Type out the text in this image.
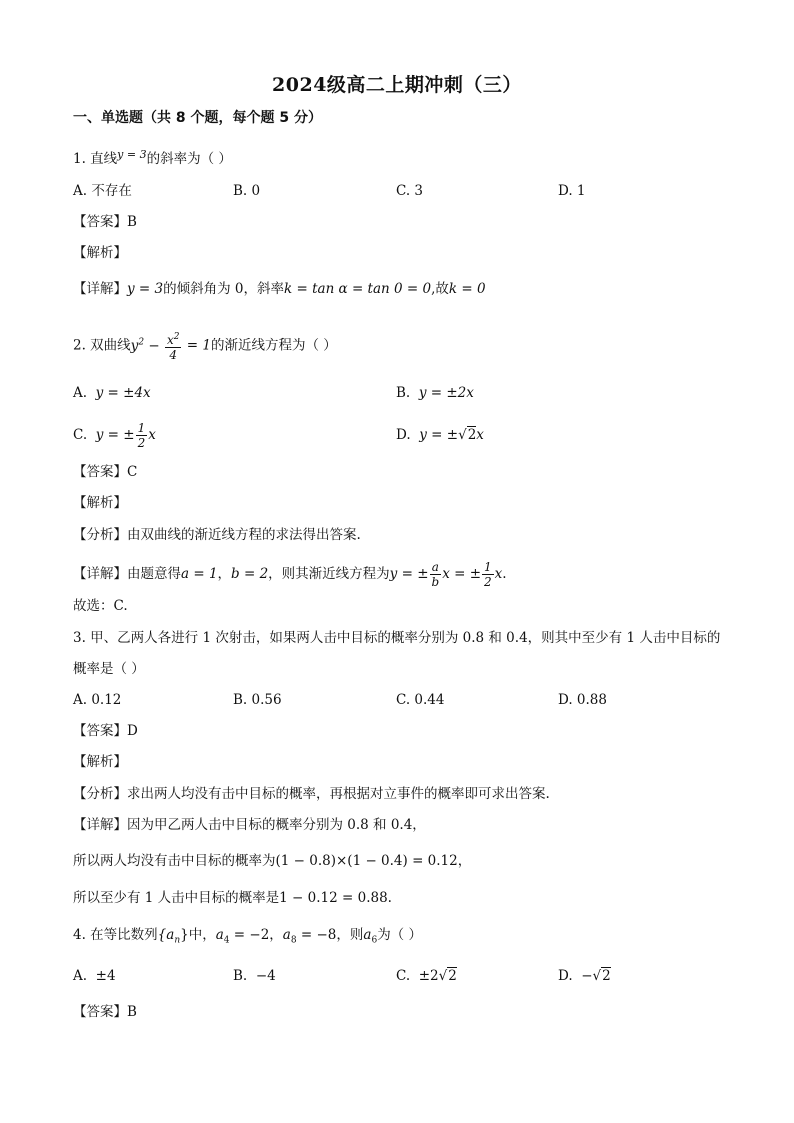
2024级高二上期冲刺（三）
一、单选题（共 8 个题，每个题 5 分）
1. 直线$^{y = 3}$的斜率为（ ）
A. 不存在	B. 0	C. 3	D. 1
【答案】B
【解析】
【详解】y = 3的倾斜角为 0，斜率k = tan α = tan 0 = 0,故k = 0
2. 双曲线$y^2 - \frac{x^2}{4} = 1$的渐近线方程为（ ）
A. y = ±4x	B. y = ±2x
C. y = ± $\frac{1}{2}$ x	D. y = ±√2x
【答案】C
【解析】
【分析】由双曲线的渐近线方程的求法得出答案.
【详解】由题意得a = 1，b = 2，则其渐近线方程为y = ± $\frac{a}{b}$ x = ± $\frac{1}{2} x$.
故选：C.
3. 甲、乙两人各进行 1 次射击，如果两人击中目标的概率分别为 0.8 和 0.4，则其中至少有 1 人击中目标的
概率是（ ）
A. 0.12	B. 0.56	C. 0.44	D. 0.88
【答案】D
【解析】
【分析】求出两人均没有击中目标的概率，再根据对立事件的概率即可求出答案.
【详解】因为甲乙两人击中目标的概率分别为 0.8 和 0.4，
所以两人均没有击中目标的概率为(1 − 0.8)×(1 − 0.4) = 0.12，
所以至少有 1 人击中目标的概率是1 − 0.12 = 0.88.
4. 在等比数列$\{a_n\}$中，$a_4 = -2$，$a_8 = -8$，则$a_6$为（ ）
A. ±4	B. −4	C. ±2√2	D. −√2
【答案】B
